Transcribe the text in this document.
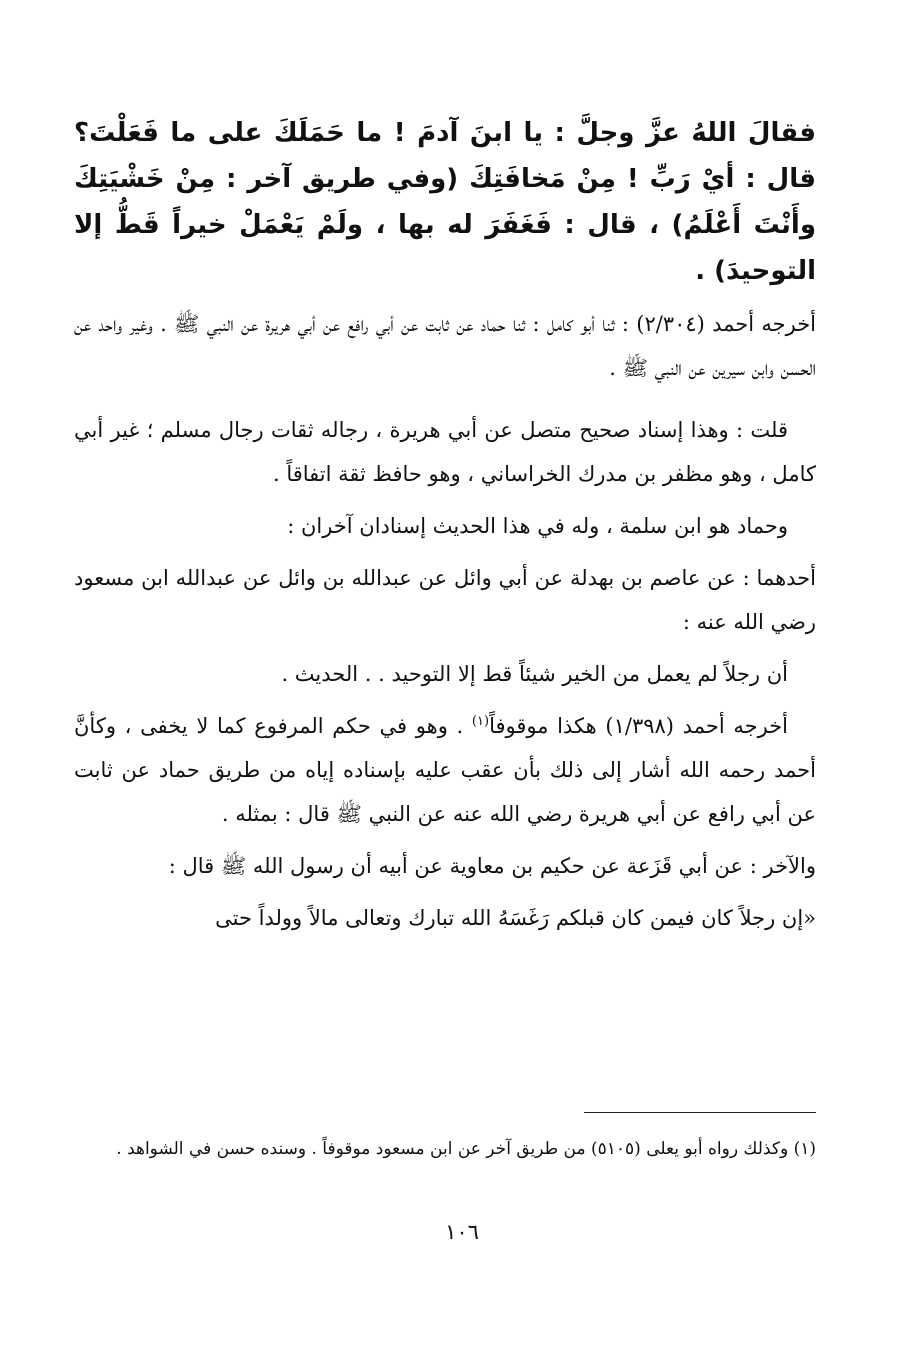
فقالَ اللهُ عزَّ وجلَّ : يا ابنَ آدمَ ! ما حَمَلَكَ على ما فَعَلْتَ؟ قال : أيْ رَبِّ ! مِنْ مَخافَتِكَ (وفي طريق آخر : مِنْ خَشْيَتِكَ وأَنْتَ أَعْلَمُ) ، قال : فَغَفَرَ له بها ، ولَمْ يَعْمَلْ خيراً قَطُّ إلا التوحيدَ) .

أخرجه أحمد (٢/٣٠٤) : ثنا أبو كامل : ثنا حماد عن ثابت عن أبي رافع عن أبي هريرة عن النبي ﷺ . وغير واحد عن الحسن وابن سيرين عن النبي ﷺ .

قلت : وهذا إسناد صحيح متصل عن أبي هريرة ، رجاله ثقات رجال مسلم ؛ غير أبي كامل ، وهو مظفر بن مدرك الخراساني ، وهو حافظ ثقة اتفاقاً .

وحماد هو ابن سلمة ، وله في هذا الحديث إسنادان آخران :

أحدهما : عن عاصم بن بهدلة عن أبي وائل عن عبدالله بن وائل عن عبدالله ابن مسعود رضي الله عنه :

أن رجلاً لم يعمل من الخير شيئاً قط إلا التوحيد . . الحديث .

أخرجه أحمد (١/٣٩٨) هكذا موقوفاً$^{(١)}$ . وهو في حكم المرفوع كما لا يخفى ، وكأنَّ أحمد رحمه الله أشار إلى ذلك بأن عقب عليه بإسناده إياه من طريق حماد عن ثابت عن أبي رافع عن أبي هريرة رضي الله عنه عن النبي ﷺ قال : بمثله .

والآخر : عن أبي قَزَعة عن حكيم بن معاوية عن أبيه أن رسول الله ﷺ قال :

«إن رجلاً كان فيمن كان قبلكم رَغَسَهُ الله تبارك وتعالى مالاً وولداً حتى

(١) وكذلك رواه أبو يعلى (٥١٠٥) من طريق آخر عن ابن مسعود موقوفاً . وسنده حسن في الشواهد .
١٠٦
